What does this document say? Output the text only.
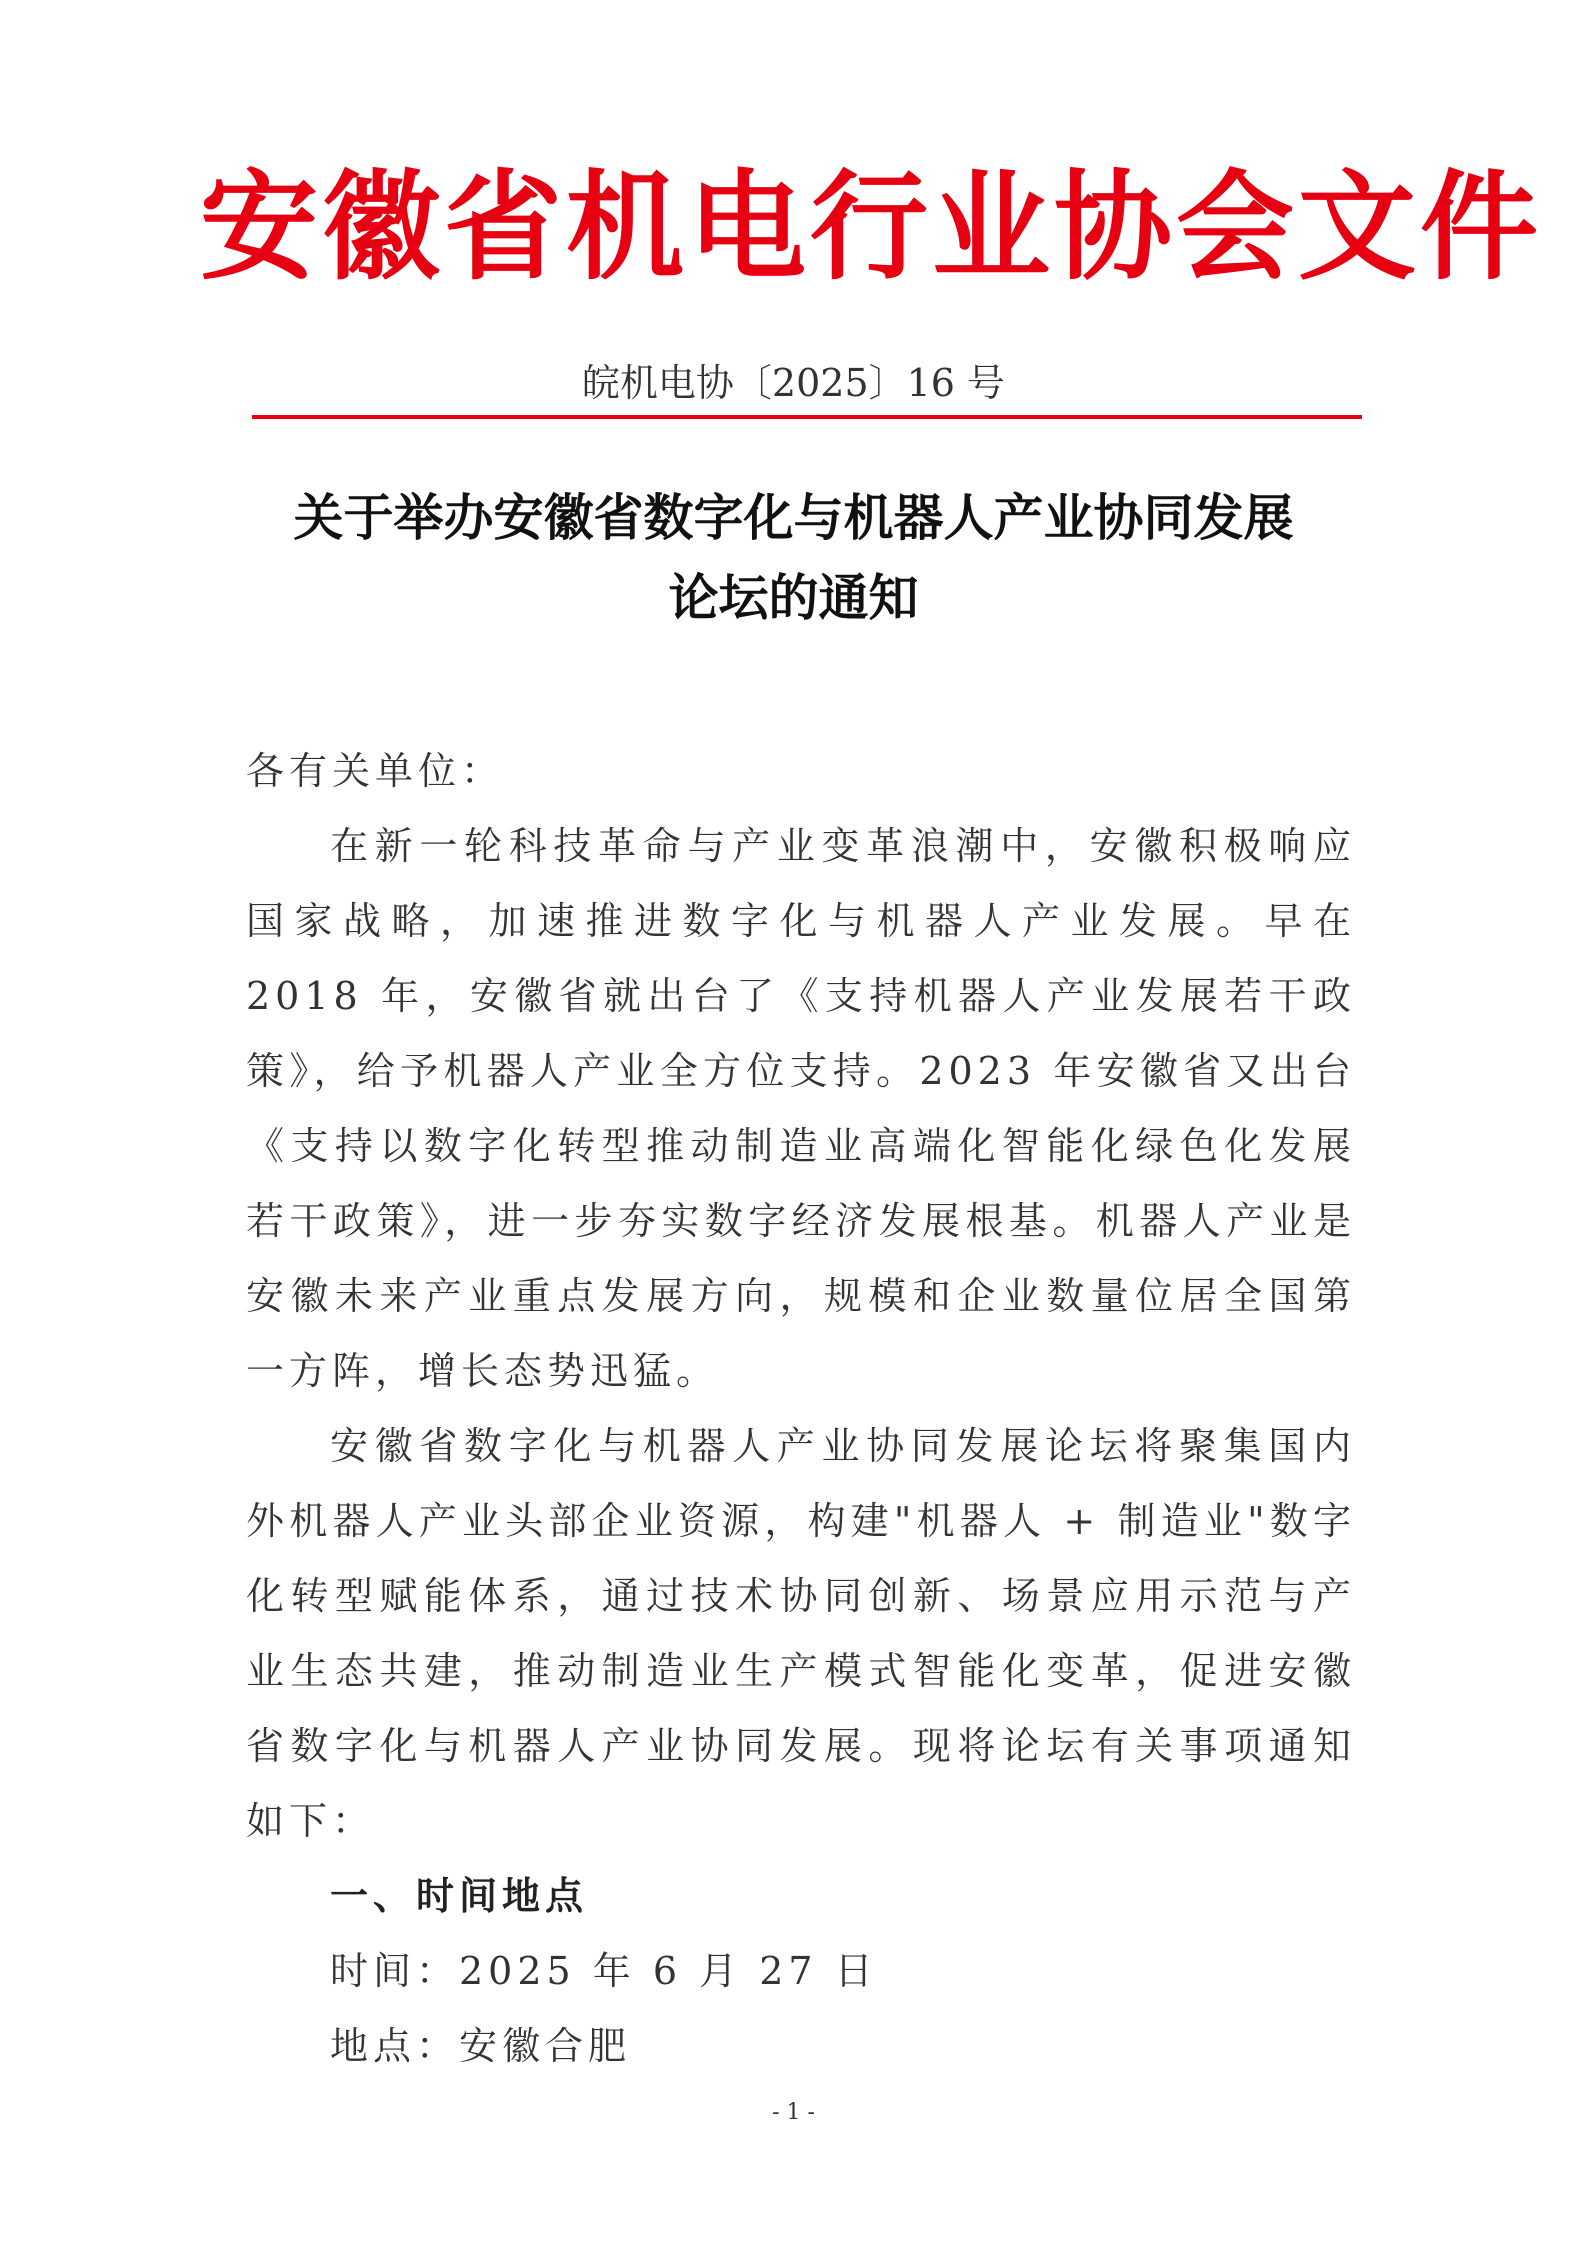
安徽省机电行业协会文件
皖机电协〔2025〕16 号
关于举办安徽省数字化与机器人产业协同发展
论坛的通知

各有关单位：

在新一轮科技革命与产业变革浪潮中，安徽积极响应国家战略，加速推进数字化与机器人产业发展。早在 2018 年，安徽省就出台了《支持机器人产业发展若干政策》，给予机器人产业全方位支持。2023 年安徽省又出台《支持以数字化转型推动制造业高端化智能化绿色化发展若干政策》，进一步夯实数字经济发展根基。机器人产业是安徽未来产业重点发展方向，规模和企业数量位居全国第一方阵，增长态势迅猛。

安徽省数字化与机器人产业协同发展论坛将聚集国内外机器人产业头部企业资源，构建"机器人 + 制造业"数字化转型赋能体系，通过技术协同创新、场景应用示范与产业生态共建，推动制造业生产模式智能化变革，促进安徽省数字化与机器人产业协同发展。现将论坛有关事项通知如下：

一、时间地点

时间：2025 年 6 月 27 日

地点：安徽合肥

- 1 -
